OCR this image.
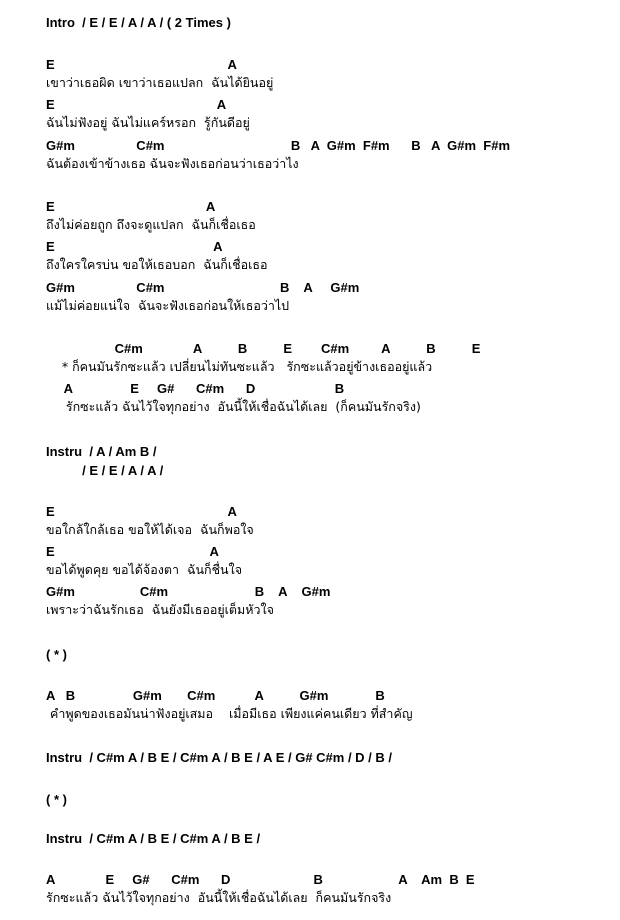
Intro  / E / E / A / A / ( 2 Times )
E                                                A
เขาว่าเธอผิด เขาว่าเธอแปลก  ฉันได้ยินอยู่
E                                             A
ฉันไม่ฟังอยู่ ฉันไม่แคร์หรอก  รู้กันดีอยู่
G#m                 C#m                                   B   A  G#m  F#m      B   A  G#m  F#m
ฉันต้องเข้าข้างเธอ ฉันจะฟังเธอก่อนว่าเธอว่าไง
E                                          A
ถึงไม่ค่อยถูก ถึงจะดูแปลก  ฉันก็เชื่อเธอ
E                                            A
ถึงใครใครบ่น ขอให้เธอบอก  ฉันก็เชื่อเธอ
G#m                 C#m                                B    A     G#m
แม้ไม่ค่อยแน่ใจ  ฉันจะฟังเธอก่อนให้เธอว่าไป
C#m              A          B          E        C#m         A          B          E
* ก็คนมันรักซะแล้ว เปลี่ยนไม่ทันซะแล้ว   รักซะแล้วอยู่ข้างเธออยู่แล้ว
A                E     G#      C#m      D                      B
รักซะแล้ว ฉันไว้ใจทุกอย่าง  อันนี้ให้เชื่อฉันได้เลย  (ก็คนมันรักจริง)
Instru  / A / Am B /
/ E / E / A / A /
E                                                A
ขอใกล้ใกล้เธอ ขอให้ได้เจอ  ฉันก็พอใจ
E                                           A
ขอได้พูดคุย ขอได้จ้องตา  ฉันก็ชื่นใจ
G#m                  C#m                        B    A    G#m
เพราะว่าฉันรักเธอ  ฉันยังมีเธออยู่เต็มหัวใจ
( * )
A   B                G#m       C#m           A          G#m             B
คำพูดของเธอมันน่าฟังอยู่เสมอ    เมื่อมีเธอ เพียงแค่คนเดียว ที่สำคัญ
Instru  / C#m A / B E / C#m A / B E / A E / G# C#m / D / B /
( * )
Instru  / C#m A / B E / C#m A / B E /
A              E     G#      C#m      D                       B                     A    Am  B  E
รักซะแล้ว ฉันไว้ใจทุกอย่าง  อันนี้ให้เชื่อฉันได้เลย  ก็คนมันรักจริง
